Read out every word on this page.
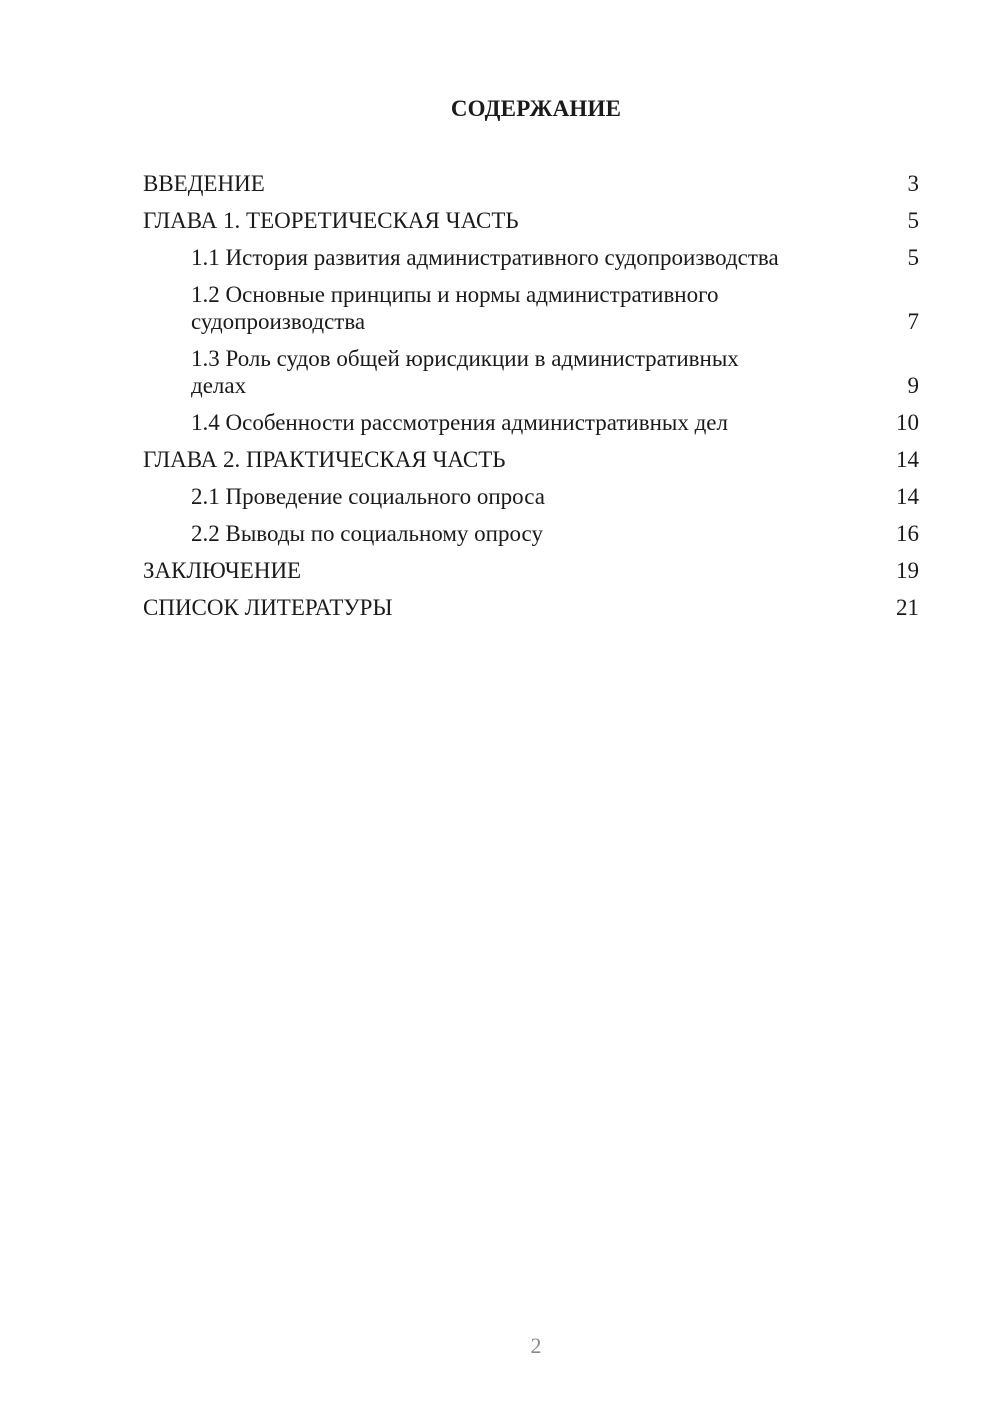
СОДЕРЖАНИЕ
ВВЕДЕНИЕ	3
ГЛАВА 1. ТЕОРЕТИЧЕСКАЯ ЧАСТЬ	5
1.1 История развития административного судопроизводства	5
1.2 Основные принципы и нормы административного судопроизводства	7
1.3 Роль судов общей юрисдикции в административных делах	9
1.4 Особенности рассмотрения административных дел	10
ГЛАВА 2. ПРАКТИЧЕСКАЯ ЧАСТЬ	14
2.1 Проведение социального опроса	14
2.2 Выводы по социальному опросу	16
ЗАКЛЮЧЕНИЕ	19
СПИСОК ЛИТЕРАТУРЫ	21
2
